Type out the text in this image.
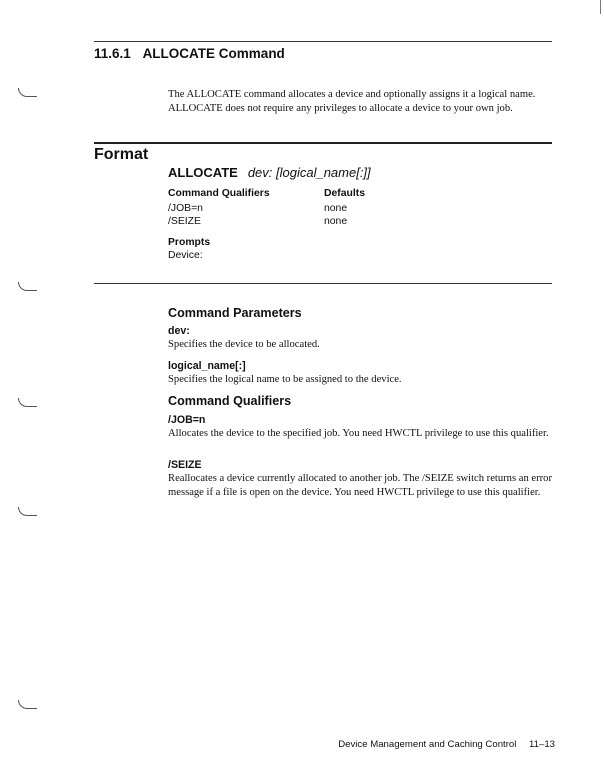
11.6.1 ALLOCATE Command
The ALLOCATE command allocates a device and optionally assigns it a logical name. ALLOCATE does not require any privileges to allocate a device to your own job.
Format
ALLOCATE dev: [logical_name[:]]
Command Qualifiers	Defaults
/JOB=n
/SEIZE
none
none
Prompts
Device:
Command Parameters
dev:
Specifies the device to be allocated.
logical_name[:]
Specifies the logical name to be assigned to the device.
Command Qualifiers
/JOB=n
Allocates the device to the specified job. You need HWCTL privilege to use this qualifier.
/SEIZE
Reallocates a device currently allocated to another job. The /SEIZE switch returns an error message if a file is open on the device. You need HWCTL privilege to use this qualifier.
Device Management and Caching Control 11–13
